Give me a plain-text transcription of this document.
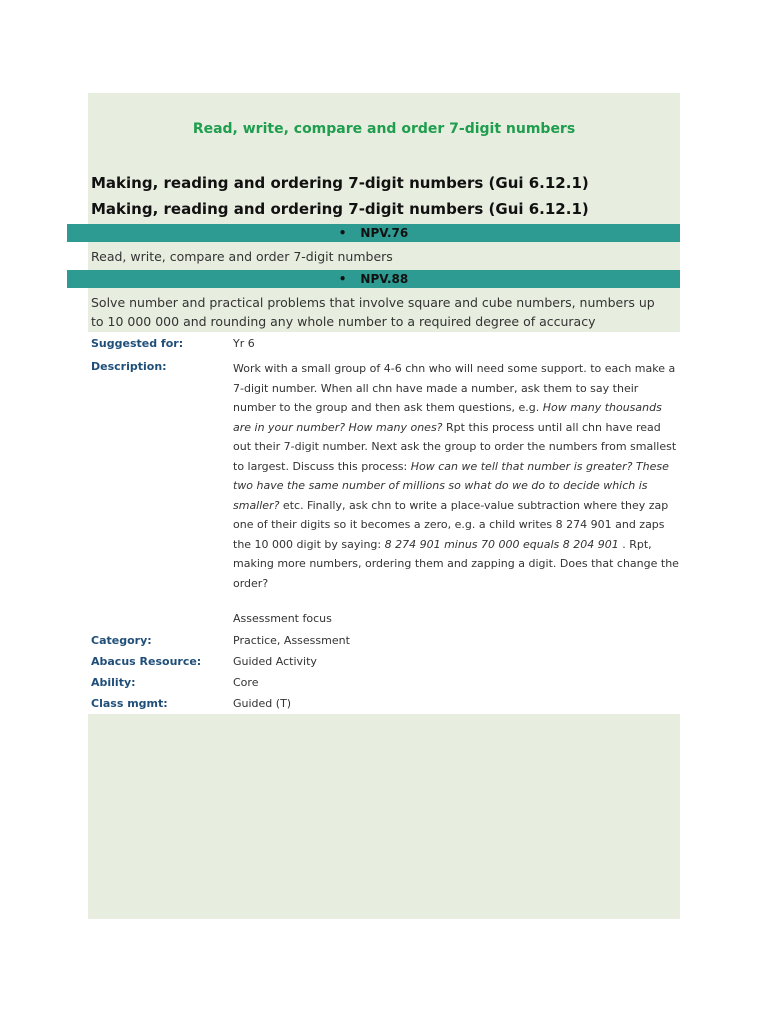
Read, write, compare and order 7-digit numbers
Making, reading and ordering 7-digit numbers (Gui 6.12.1)
Making, reading and ordering 7-digit numbers (Gui 6.12.1)
• NPV.76
Read, write, compare and order 7-digit numbers
• NPV.88
Solve number and practical problems that involve square and cube numbers, numbers up
to 10 000 000 and rounding any whole number to a required degree of accuracy
Suggested for:	Yr 6
Description:	Work with a small group of 4-6 chn who will need some support. to each make a 7-digit number. When all chn have made a number, ask them to say their number to the group and then ask them questions, e.g. How many thousands are in your number? How many ones? Rpt this process until all chn have read out their 7-digit number. Next ask the group to order the numbers from smallest to largest. Discuss this process: How can we tell that number is greater? These two have the same number of millions so what do we do to decide which is smaller? etc. Finally, ask chn to write a place-value subtraction where they zap one of their digits so it becomes a zero, e.g. a child writes 8 274 901 and zaps the 10 000 digit by saying: 8 274 901 minus 70 000 equals 8 204 901 . Rpt, making more numbers, ordering them and zapping a digit. Does that change the order?
Assessment focus
Category:	Practice, Assessment
Abacus Resource:	Guided Activity
Ability:	Core
Class mgmt:	Guided (T)
